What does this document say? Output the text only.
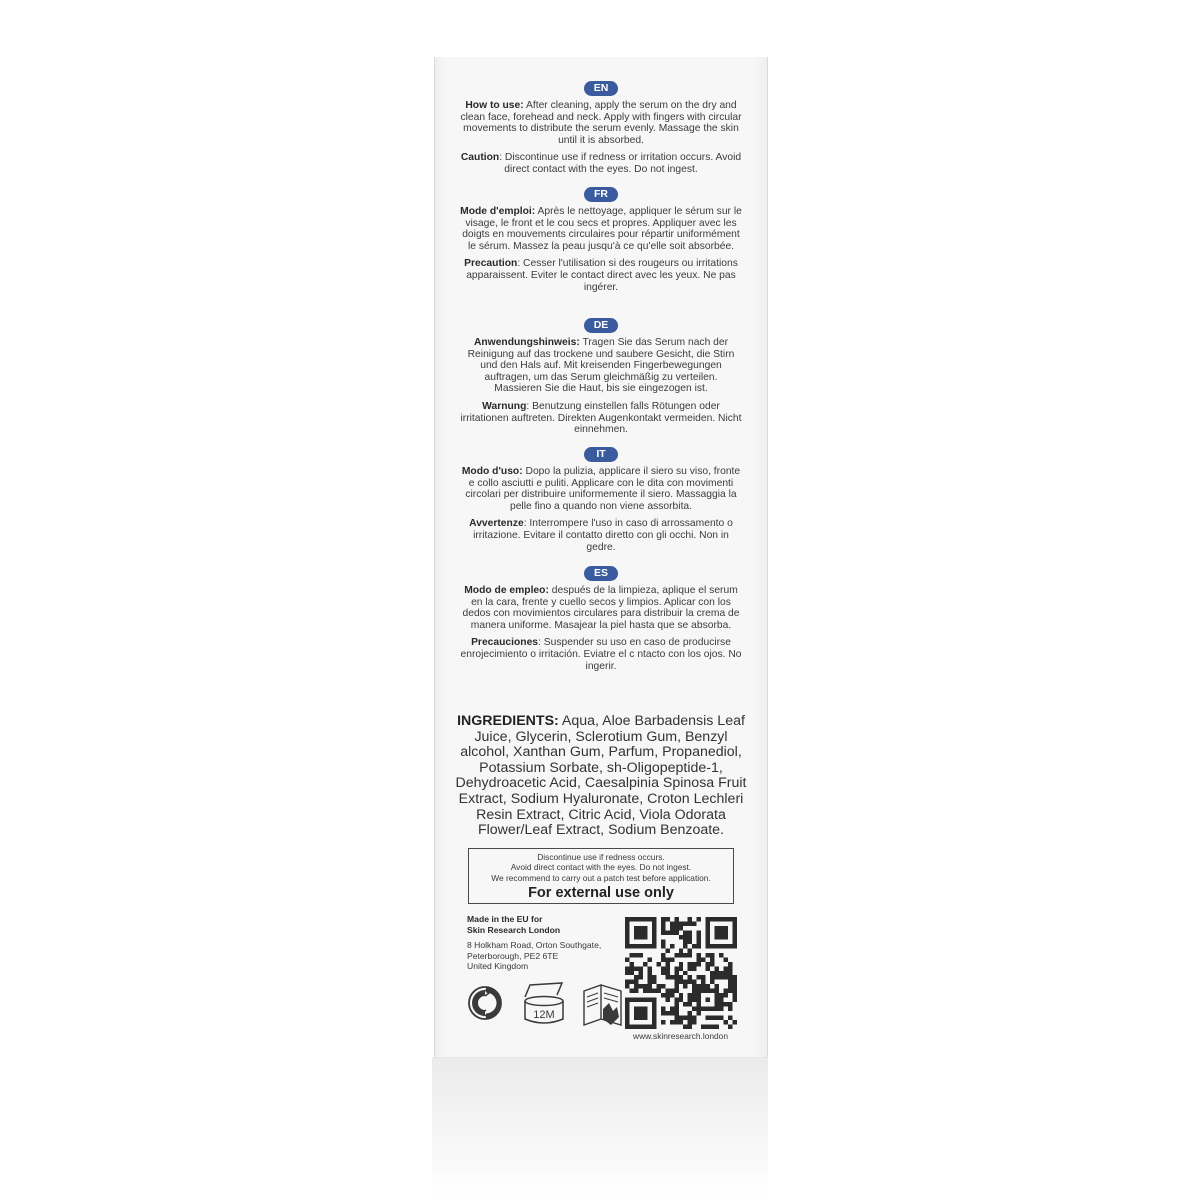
EN

How to use: After cleaning, apply the serum on the dry and clean face, forehead and neck. Apply with fingers with circular movements to distribute the serum evenly. Massage the skin until it is absorbed.

Caution: Discontinue use if redness or irritation occurs. Avoid direct contact with the eyes. Do not ingest.

FR

Mode d'emploi: Après le nettoyage, appliquer le sérum sur le visage, le front et le cou secs et propres. Appliquer avec les doigts en mouvements circulaires pour répartir uniformément le sérum. Massez la peau jusqu'à ce qu'elle soit absorbée.

Precaution: Cesser l'utilisation si des rougeurs ou irritations apparaissent. Eviter le contact direct avec les yeux. Ne pas ingérer.

DE

Anwendungshinweis: Tragen Sie das Serum nach der Reinigung auf das trockene und saubere Gesicht, die Stirn und den Hals auf. Mit kreisenden Fingerbewegungen auftragen, um das Serum gleichmäßig zu verteilen. Massieren Sie die Haut, bis sie eingezogen ist.

Warnung: Benutzung einstellen falls Rötungen oder irritationen auftreten. Direkten Augenkontakt vermeiden. Nicht einnehmen.

IT

Modo d'uso: Dopo la pulizia, applicare il siero su viso, fronte e collo asciutti e puliti. Applicare con le dita con movimenti circolari per distribuire uniformemente il siero. Massaggia la pelle fino a quando non viene assorbita.

Avvertenze: Interrompere l'uso in caso di arrossamento o irritazione. Evitare il contatto diretto con gli occhi. Non in gedre.

ES

Modo de empleo: después de la limpieza, aplique el serum en la cara, frente y cuello secos y limpios. Aplicar con los dedos con movimientos circulares para distribuir la crema de manera uniforme. Masajear la piel hasta que se absorba.

Precauciones: Suspender su uso en caso de producirse enrojecimiento o irritación. Eviatre el c ntacto con los ojos. No ingerir.

INGREDIENTS: Aqua, Aloe Barbadensis Leaf Juice, Glycerin, Sclerotium Gum, Benzyl alcohol, Xanthan Gum, Parfum, Propanediol, Potassium Sorbate, sh-Oligopeptide-1, Dehydroacetic Acid, Caesalpinia Spinosa Fruit Extract, Sodium Hyaluronate, Croton Lechleri Resin Extract, Citric Acid, Viola Odorata Flower/Leaf Extract, Sodium Benzoate.
Discontinue use if redness occurs.
Avoid direct contact with the eyes. Do not ingest.
We recommend to carry out a patch test before application.
For external use only
Made in the EU for
Skin Research London
8 Holkham Road, Orton Southgate,
Peterborough, PE2 6TE
United Kingdom
12M
www.skinresearch.london
